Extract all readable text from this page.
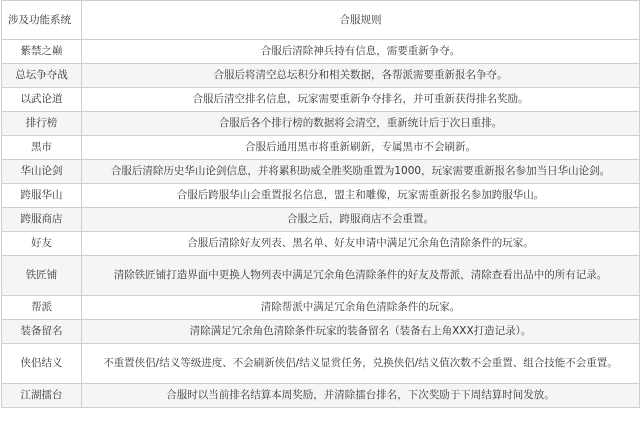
涉及功能系统	合服规则
紫禁之巅	合服后清除神兵持有信息，需要重新争夺。
总坛争夺战	合服后将清空总坛积分和相关数据，各帮派需要重新报名争夺。
以武论道	合服后清空排名信息，玩家需要重新争夺排名，并可重新获得排名奖励。
排行榜	合服后各个排行榜的数据将会清空，重新统计后于次日重排。
黑市	合服后通用黑市将重新刷新，专属黑市不会刷新。
华山论剑	合服后清除历史华山论剑信息，并将累积助威全胜奖励重置为1000，玩家需要重新报名参加当日华山论剑。
跨服华山	合服后跨服华山会重置报名信息，盟主和雕像，玩家需重新报名参加跨服华山。
跨服商店	合服之后，跨服商店不会重置。
好友	合服后清除好友列表、黑名单、好友申请中满足冗余角色清除条件的玩家。
铁匠铺	清除铁匠铺打造界面中更换人物列表中满足冗余角色清除条件的好友及帮派，清除查看出品中的所有记录。
帮派	清除帮派中满足冗余角色清除条件的玩家。
装备留名	清除满足冗余角色清除条件玩家的装备留名（装备右上角XXX打造记录）。
侠侣结义	不重置侠侣/结义等级进度、不会刷新侠侣/结义显赏任务，兑换侠侣/结义值次数不会重置、组合技能不会重置。
江湖擂台	合服时以当前排名结算本周奖励，并清除擂台排名，下次奖励于下周结算时间发放。
